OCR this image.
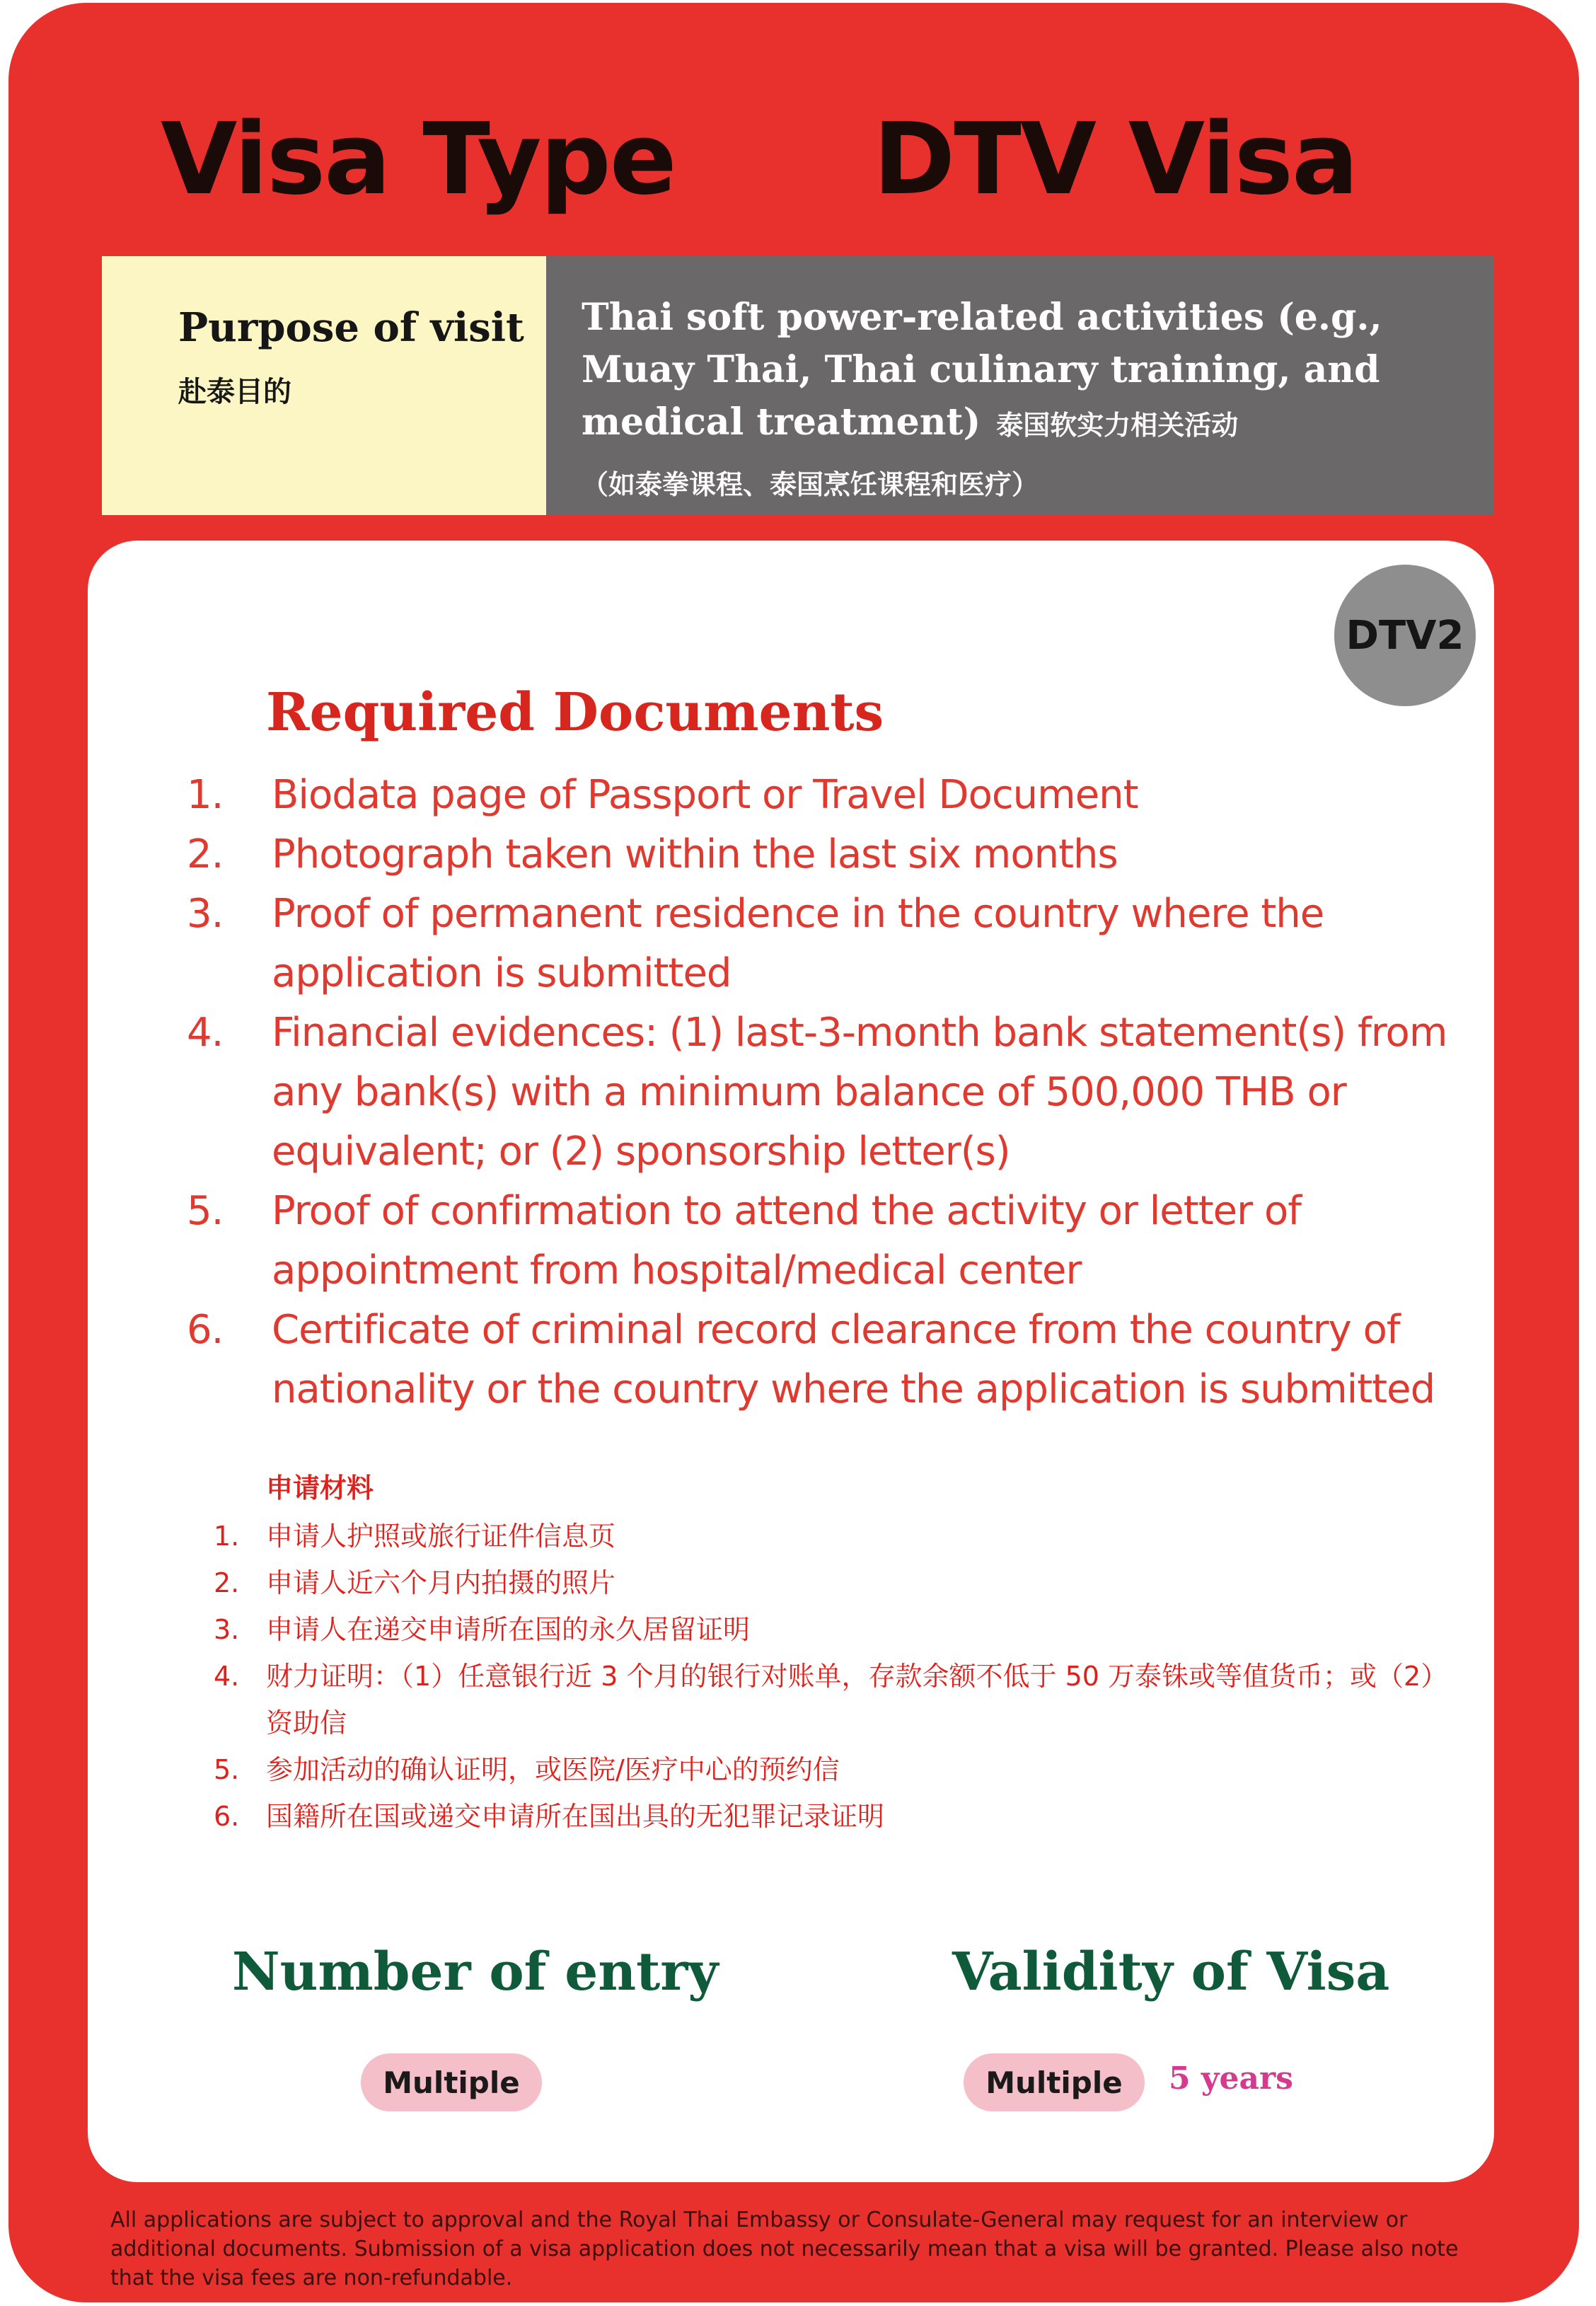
Visa Type DTV Visa
Purpose of visit
赴泰目的
Thai soft power-related activities (e.g., Muay Thai, Thai culinary training, and medical treatment) 泰国软实力相关活动
（如泰拳课程、泰国烹饪课程和医疗）
DTV2
Required Documents
1. Biodata page of Passport or Travel Document
2. Photograph taken within the last six months
3. Proof of permanent residence in the country where the application is submitted
4. Financial evidences: (1) last-3-month bank statement(s) from any bank(s) with a minimum balance of 500,000 THB or equivalent; or (2) sponsorship letter(s)
5. Proof of confirmation to attend the activity or letter of appointment from hospital/medical center
6. Certificate of criminal record clearance from the country of nationality or the country where the application is submitted
申请材料
1. 申请人护照或旅行证件信息页
2. 申请人近六个月内拍摄的照片
3. 申请人在递交申请所在国的永久居留证明
4. 财力证明：（1）任意银行近 3 个月的银行对账单，存款余额不低于 50 万泰铢或等值货币；或（2）资助信
5. 参加活动的确认证明，或医院/医疗中心的预约信
6. 国籍所在国或递交申请所在国出具的无犯罪记录证明
Number of entry
Multiple
Validity of Visa
Multiple	5 years

All applications are subject to approval and the Royal Thai Embassy or Consulate-General may request for an interview or additional documents. Submission of a visa application does not necessarily mean that a visa will be granted. Please also note that the visa fees are non-refundable.
